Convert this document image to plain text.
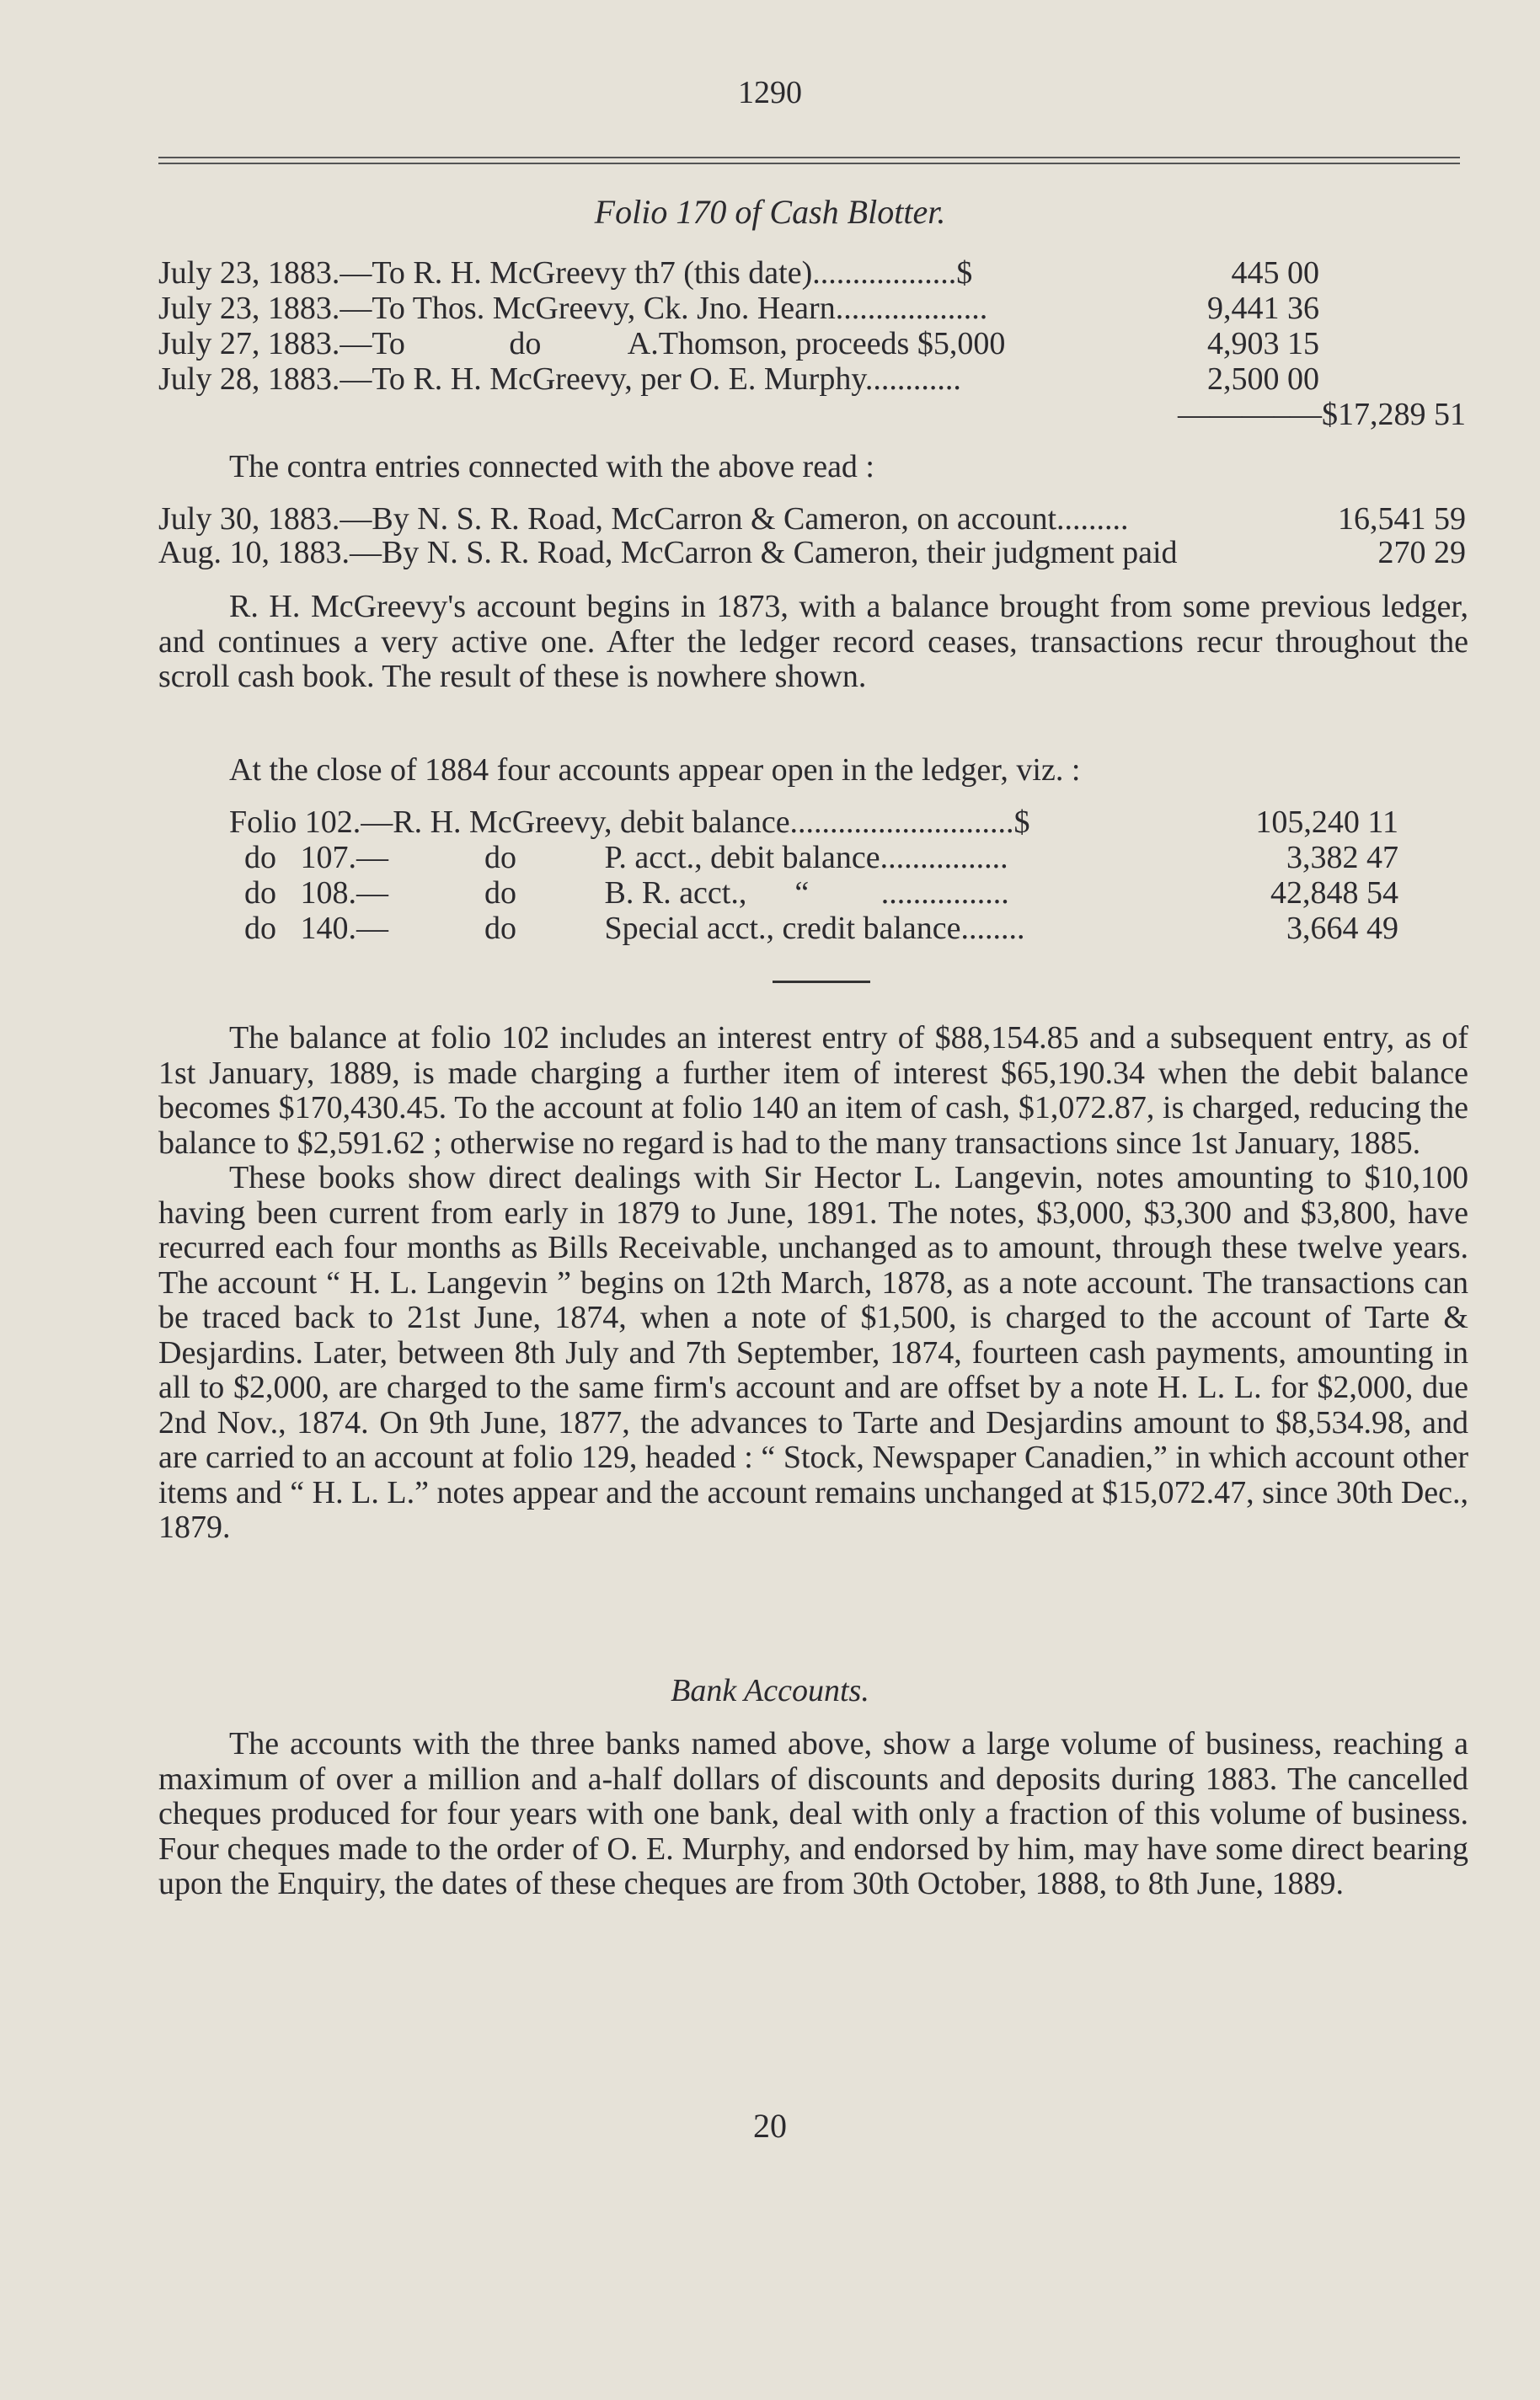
1290
Folio 170 of Cash Blotter.
July 23, 1883.—To R. H. McGreevy th7 (this date)..................$	445 00
July 23, 1883.—To Thos. McGreevy, Ck. Jno. Hearn...................	9,441 36
July 27, 1883.—To             do           A.Thomson, proceeds $5,000	4,903 15
July 28, 1883.—To R. H. McGreevy, per O. E. Murphy............	2,500 00
———–—$17,289 51
The contra entries connected with the above read :
July 30, 1883.—By N. S. R. Road, McCarron & Cameron, on account.........	16,541 59
Aug. 10, 1883.—By N. S. R. Road, McCarron & Cameron, their judgment paid	270 29

R. H. McGreevy's account begins in 1873, with a balance brought from some previous ledger, and continues a very active one. After the ledger record ceases, transactions recur throughout the scroll cash book. The result of these is nowhere shown.

At the close of 1884 four accounts appear open in the ledger, viz. :
Folio 102.—R. H. McGreevy, debit balance............................$	105,240 11
do   107.—            do           P. acct., debit balance................	3,382 47
do   108.—            do           B. R. acct.,      “         ................	42,848 54
do   140.—            do           Special acct., credit balance........	3,664 49

The balance at folio 102 includes an interest entry of $88,154.85 and a subsequent entry, as of 1st January, 1889, is made charging a further item of interest $65,190.34 when the debit balance becomes $170,430.45. To the account at folio 140 an item of cash, $1,072.87, is charged, reducing the balance to $2,591.62 ; otherwise no regard is had to the many transactions since 1st January, 1885.

These books show direct dealings with Sir Hector L. Langevin, notes amounting to $10,100 having been current from early in 1879 to June, 1891. The notes, $3,000, $3,300 and $3,800, have recurred each four months as Bills Receivable, unchanged as to amount, through these twelve years. The account “ H. L. Langevin ” begins on 12th March, 1878, as a note account. The transactions can be traced back to 21st June, 1874, when a note of $1,500, is charged to the account of Tarte & Desjardins. Later, between 8th July and 7th September, 1874, fourteen cash payments, amounting in all to $2,000, are charged to the same firm's account and are offset by a note H. L. L. for $2,000, due 2nd Nov., 1874. On 9th June, 1877, the advances to Tarte and Desjardins amount to $8,534.98, and are carried to an account at folio 129, headed : “ Stock, Newspaper Canadien,” in which account other items and “ H. L. L.” notes appear and the account remains unchanged at $15,072.47, since 30th Dec., 1879.

Bank Accounts.

The accounts with the three banks named above, show a large volume of business, reaching a maximum of over a million and a-half dollars of discounts and deposits during 1883. The cancelled cheques produced for four years with one bank, deal with only a fraction of this volume of business. Four cheques made to the order of O. E. Murphy, and endorsed by him, may have some direct bearing upon the Enquiry, the dates of these cheques are from 30th October, 1888, to 8th June, 1889.

20
